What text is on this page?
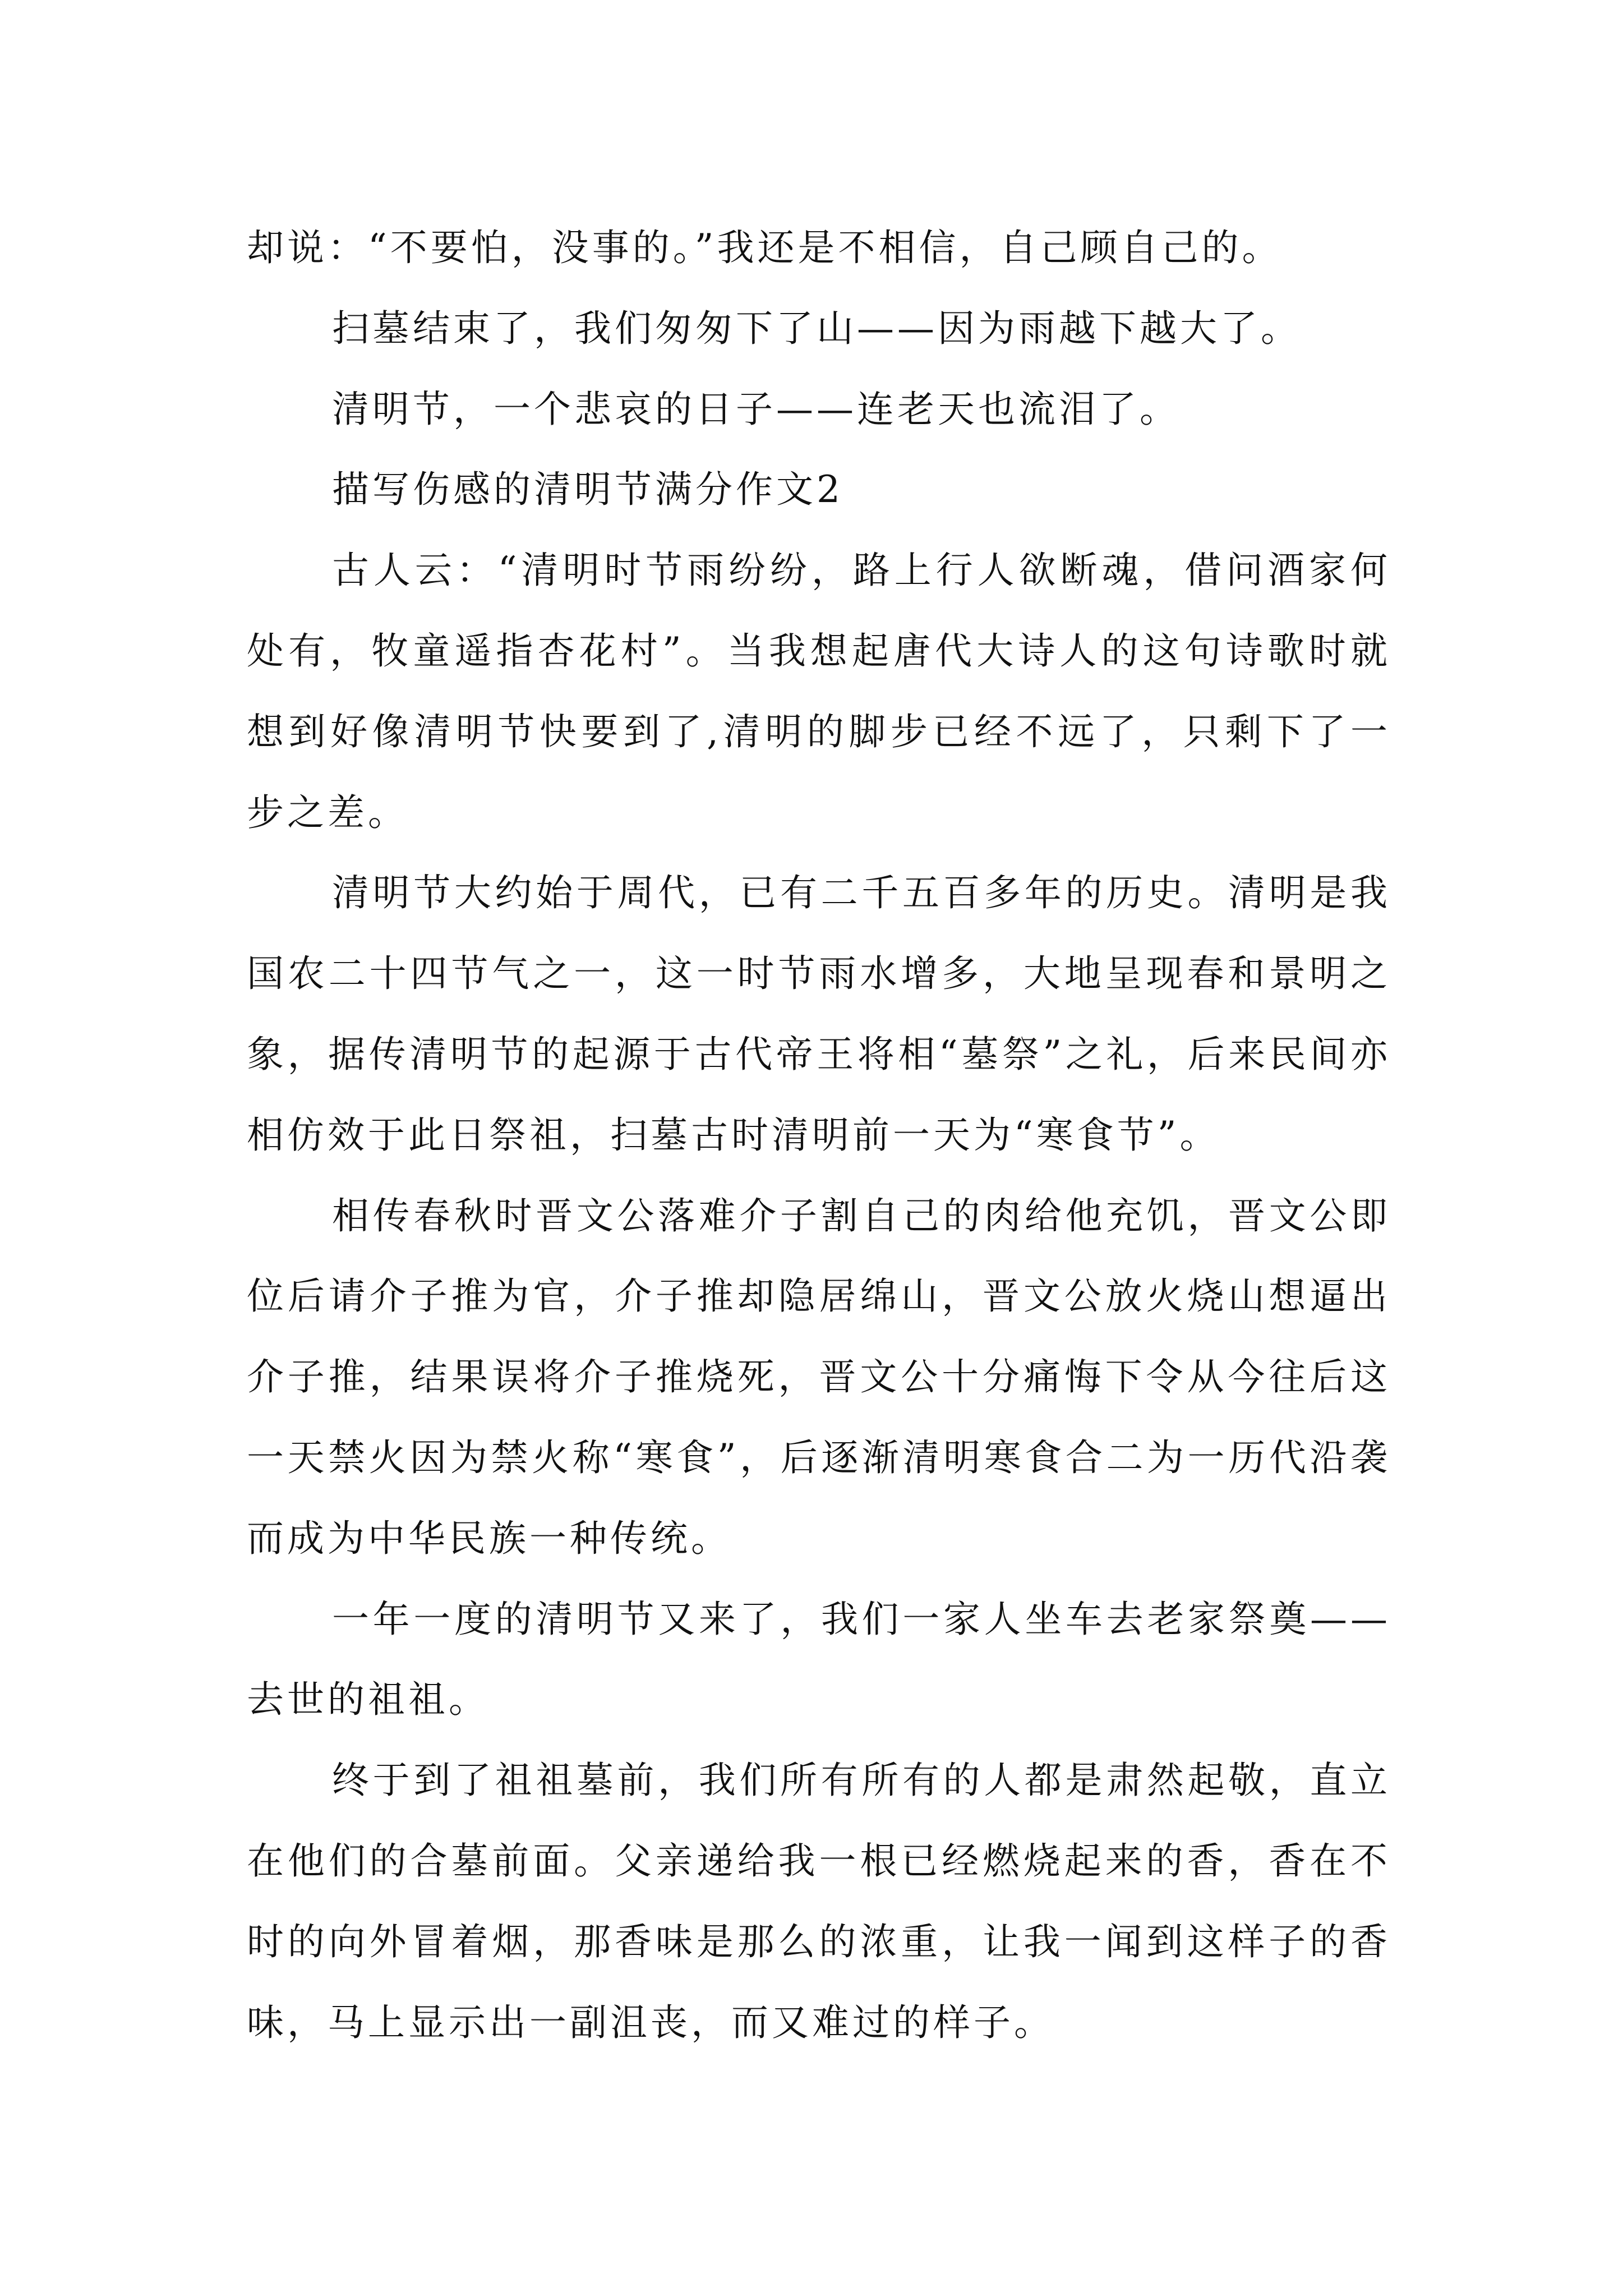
却说：“不要怕，没事的。”我还是不相信，自己顾自己的。

扫墓结束了，我们匆匆下了山——因为雨越下越大了。

清明节，一个悲哀的日子——连老天也流泪了。

描写伤感的清明节满分作文2

古人云：“清明时节雨纷纷，路上行人欲断魂，借问酒家何处有，牧童遥指杏花村”。当我想起唐代大诗人的这句诗歌时就想到好像清明节快要到了,清明的脚步已经不远了，只剩下了一步之差。

清明节大约始于周代，已有二千五百多年的历史。清明是我国农二十四节气之一，这一时节雨水增多，大地呈现春和景明之象，据传清明节的起源于古代帝王将相“墓祭”之礼，后来民间亦相仿效于此日祭祖，扫墓古时清明前一天为“寒食节”。

相传春秋时晋文公落难介子割自己的肉给他充饥，晋文公即位后请介子推为官，介子推却隐居绵山，晋文公放火烧山想逼出介子推，结果误将介子推烧死，晋文公十分痛悔下令从今往后这一天禁火因为禁火称“寒食”，后逐渐清明寒食合二为一历代沿袭而成为中华民族一种传统。

一年一度的清明节又来了，我们一家人坐车去老家祭奠——去世的祖祖。

终于到了祖祖墓前，我们所有所有的人都是肃然起敬，直立在他们的合墓前面。父亲递给我一根已经燃烧起来的香，香在不时的向外冒着烟，那香味是那么的浓重，让我一闻到这样子的香味，马上显示出一副沮丧，而又难过的样子。
